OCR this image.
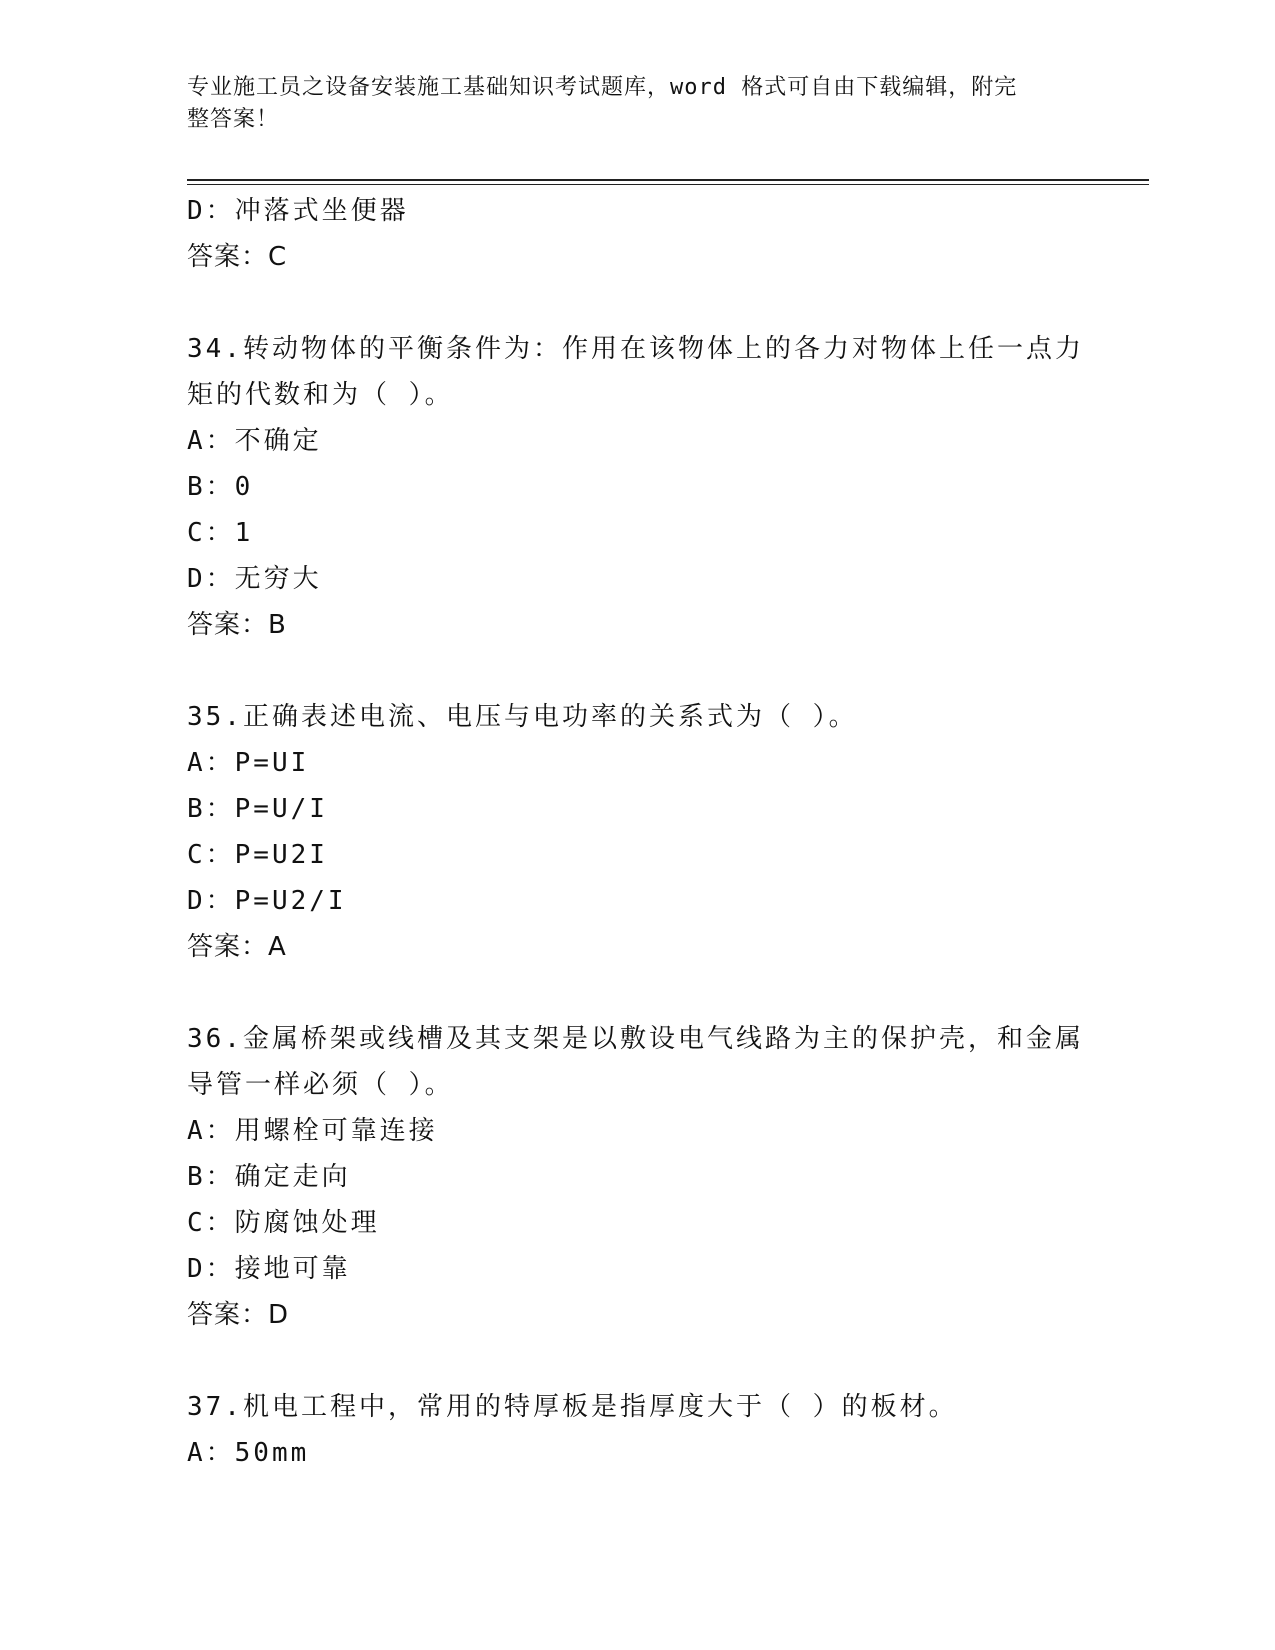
专业施工员之设备安装施工基础知识考试题库，word 格式可自由下载编辑，附完
整答案！
D：冲落式坐便器
答案：C
34.转动物体的平衡条件为：作用在该物体上的各力对物体上任一点力
矩的代数和为（ ）。
A：不确定
B：0
C：1
D：无穷大
答案：B
35.正确表述电流、电压与电功率的关系式为（ ）。
A：P=UI
B：P=U/I
C：P=U2I
D：P=U2/I
答案：A
36.金属桥架或线槽及其支架是以敷设电气线路为主的保护壳，和金属
导管一样必须（ ）。
A：用螺栓可靠连接
B：确定走向
C：防腐蚀处理
D：接地可靠
答案：D
37.机电工程中，常用的特厚板是指厚度大于（ ）的板材。
A：50mm
